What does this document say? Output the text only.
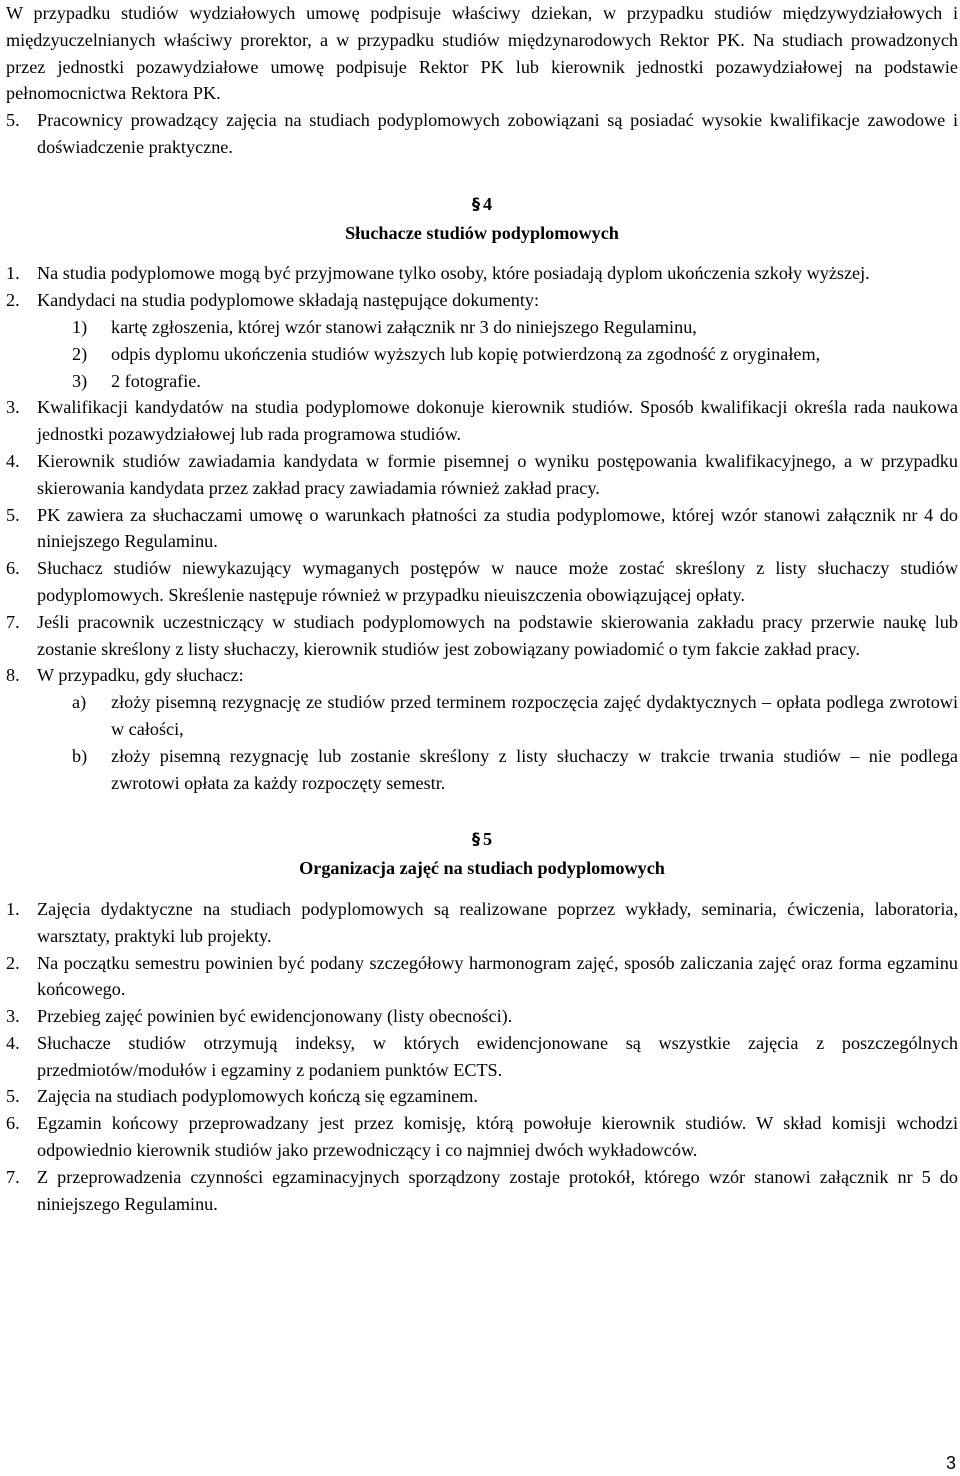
W przypadku studiów wydziałowych umowę podpisuje właściwy dziekan, w przypadku studiów międzywydziałowych i międzyuczelnianych właściwy prorektor, a w przypadku studiów międzynarodowych Rektor PK. Na studiach prowadzonych przez jednostki pozawydziałowe umowę podpisuje Rektor PK lub kierownik jednostki pozawydziałowej na podstawie pełnomocnictwa Rektora PK.

5. Pracownicy prowadzący zajęcia na studiach podyplomowych zobowiązani są posiadać wysokie kwalifikacje zawodowe i doświadczenie praktyczne.
§ 4
Słuchacze studiów podyplomowych
1. Na studia podyplomowe mogą być przyjmowane tylko osoby, które posiadają dyplom ukończenia szkoły wyższej.
2. Kandydaci na studia podyplomowe składają następujące dokumenty:
1) kartę zgłoszenia, której wzór stanowi załącznik nr 3 do niniejszego Regulaminu,
2) odpis dyplomu ukończenia studiów wyższych lub kopię potwierdzoną za zgodność z oryginałem,
3) 2 fotografie.
3. Kwalifikacji kandydatów na studia podyplomowe dokonuje kierownik studiów. Sposób kwalifikacji określa rada naukowa jednostki pozawydziałowej lub rada programowa studiów.
4. Kierownik studiów zawiadamia kandydata w formie pisemnej o wyniku postępowania kwalifikacyjnego, a w przypadku skierowania kandydata przez zakład pracy zawiadamia również zakład pracy.
5. PK zawiera za słuchaczami umowę o warunkach płatności za studia podyplomowe, której wzór stanowi załącznik nr 4 do niniejszego Regulaminu.
6. Słuchacz studiów niewykazujący wymaganych postępów w nauce może zostać skreślony z listy słuchaczy studiów podyplomowych. Skreślenie następuje również w przypadku nieuiszczenia obowiązującej opłaty.
7. Jeśli pracownik uczestniczący w studiach podyplomowych na podstawie skierowania zakładu pracy przerwie naukę lub zostanie skreślony z listy słuchaczy, kierownik studiów jest zobowiązany powiadomić o tym fakcie zakład pracy.
8. W przypadku, gdy słuchacz:
a) złoży pisemną rezygnację ze studiów przed terminem rozpoczęcia zajęć dydaktycznych – opłata podlega zwrotowi w całości,
b) złoży pisemną rezygnację lub zostanie skreślony z listy słuchaczy w trakcie trwania studiów – nie podlega zwrotowi opłata za każdy rozpoczęty semestr.
§ 5
Organizacja zajęć na studiach podyplomowych
1. Zajęcia dydaktyczne na studiach podyplomowych są realizowane poprzez wykłady, seminaria, ćwiczenia, laboratoria, warsztaty, praktyki lub projekty.
2. Na początku semestru powinien być podany szczegółowy harmonogram zajęć, sposób zaliczania zajęć oraz forma egzaminu końcowego.
3. Przebieg zajęć powinien być ewidencjonowany (listy obecności).
4. Słuchacze studiów otrzymują indeksy, w których ewidencjonowane są wszystkie zajęcia z poszczególnych przedmiotów/modułów i egzaminy z podaniem punktów ECTS.
5. Zajęcia na studiach podyplomowych kończą się egzaminem.
6. Egzamin końcowy przeprowadzany jest przez komisję, którą powołuje kierownik studiów. W skład komisji wchodzi odpowiednio kierownik studiów jako przewodniczący i co najmniej dwóch wykładowców.
7. Z przeprowadzenia czynności egzaminacyjnych sporządzony zostaje protokół, którego wzór stanowi załącznik nr 5 do niniejszego Regulaminu.
3
